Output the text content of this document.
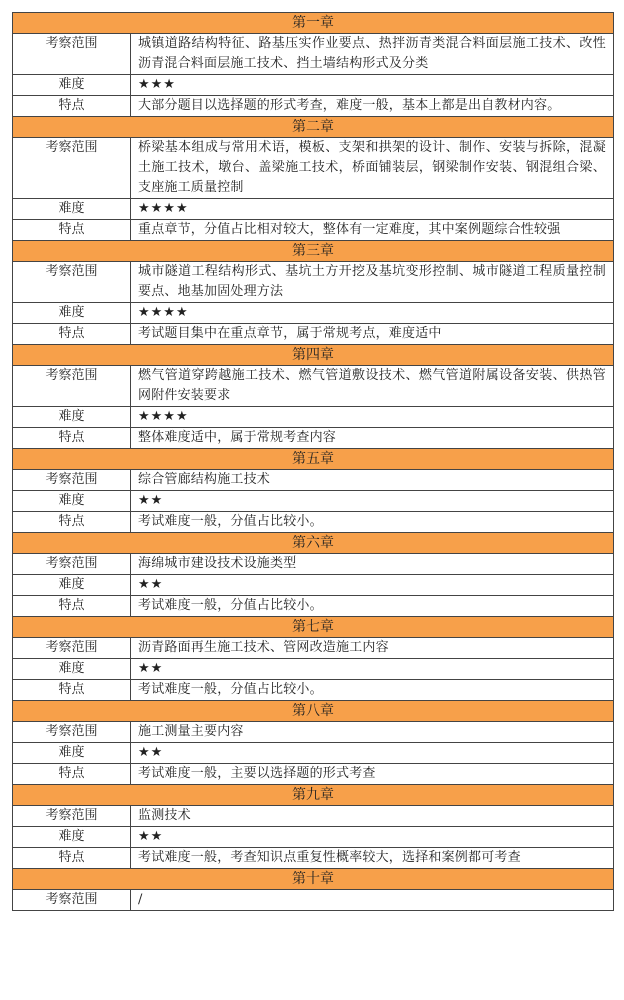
第一章	
考察范围	城镇道路结构特征、路基压实作业要点、热拌沥青类混合料面层施工技术、改性沥青混合料面层施工技术、挡土墙结构形式及分类
难度	★★★
特点	大部分题目以选择题的形式考查，难度一般，基本上都是出自教材内容。
第二章	
考察范围	桥梁基本组成与常用术语，模板、支架和拱架的设计、制作、安装与拆除，混凝土施工技术，墩台、盖梁施工技术，桥面铺装层，钢梁制作安装、钢混组合梁、支座施工质量控制
难度	★★★★
特点	重点章节，分值占比相对较大，整体有一定难度，其中案例题综合性较强
第三章	
考察范围	城市隧道工程结构形式、基坑土方开挖及基坑变形控制、城市隧道工程质量控制要点、地基加固处理方法
难度	★★★★
特点	考试题目集中在重点章节，属于常规考点，难度适中
第四章	
考察范围	燃气管道穿跨越施工技术、燃气管道敷设技术、燃气管道附属设备安装、供热管网附件安装要求
难度	★★★★
特点	整体难度适中，属于常规考查内容
第五章	
考察范围	综合管廊结构施工技术
难度	★★
特点	考试难度一般，分值占比较小。
第六章	
考察范围	海绵城市建设技术设施类型
难度	★★
特点	考试难度一般，分值占比较小。
第七章	
考察范围	沥青路面再生施工技术、管网改造施工内容
难度	★★
特点	考试难度一般，分值占比较小。
第八章	
考察范围	施工测量主要内容
难度	★★
特点	考试难度一般，主要以选择题的形式考查
第九章	
考察范围	监测技术
难度	★★
特点	考试难度一般，考查知识点重复性概率较大，选择和案例都可考查
第十章	
考察范围	/
